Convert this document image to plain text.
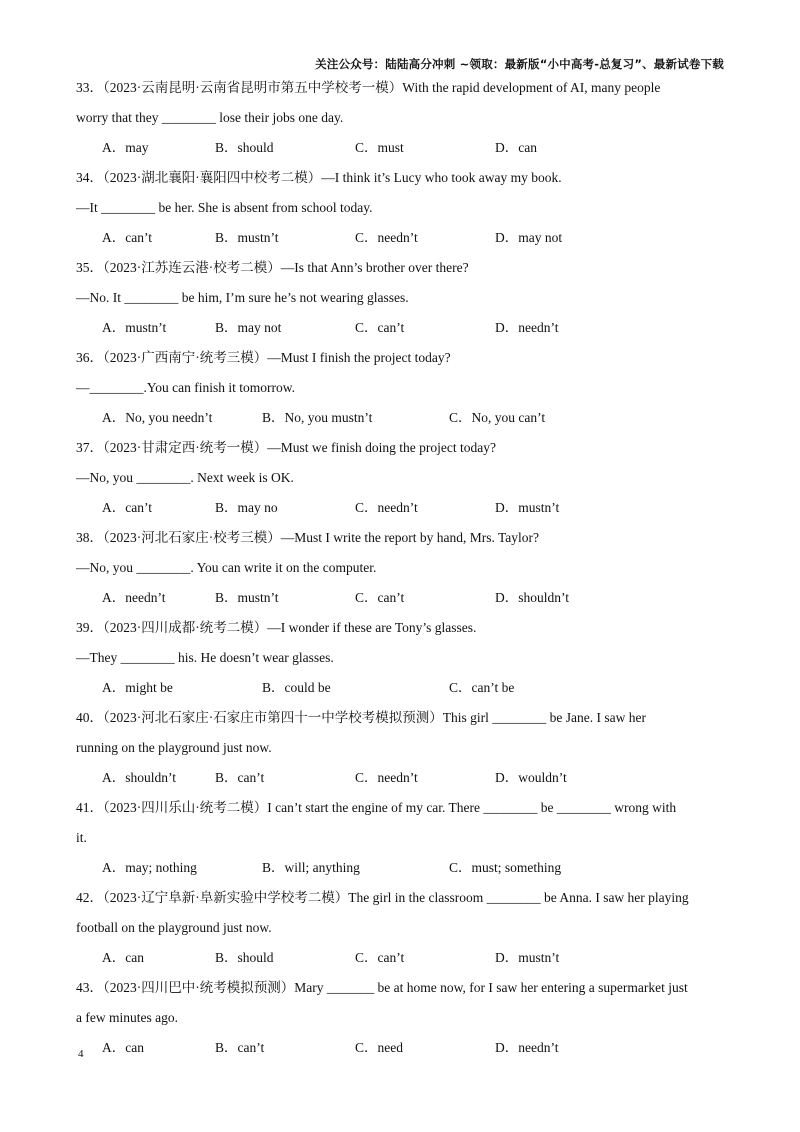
关注公众号：陆陆高分冲刺 ~领取：最新版“小中高考-总复习”、最新试卷下载
33．（2023·云南昆明·云南省昆明市第五中学校考一模）With the rapid development of AI, many people
worry that they ________ lose their jobs one day.
A．may	B．should	C．must	D．can
34．（2023·湖北襄阳·襄阳四中校考二模）—I think it’s Lucy who took away my book.
—It ________ be her. She is absent from school today.
A．can’t	B．mustn’t	C．needn’t	D．may not
35．（2023·江苏连云港·校考二模）—Is that Ann’s brother over there?
—No. It ________ be him, I’m sure he’s not wearing glasses.
A．mustn’t	B．may not	C．can’t	D．needn’t
36．（2023·广西南宁·统考三模）—Must I finish the project today?
—________.You can finish it tomorrow.
A．No, you needn’t	B．No, you mustn’t	C．No, you can’t
37．（2023·甘肃定西·统考一模）—Must we finish doing the project today?
—No, you ________. Next week is OK.
A．can’t	B．may no	C．needn’t	D．mustn’t
38．（2023·河北石家庄·校考三模）—Must I write the report by hand, Mrs. Taylor?
—No, you ________. You can write it on the computer.
A．needn’t	B．mustn’t	C．can’t	D．shouldn’t
39．（2023·四川成都·统考二模）—I wonder if these are Tony’s glasses.
—They ________ his. He doesn’t wear glasses.
A．might be	B．could be	C．can’t be
40．（2023·河北石家庄·石家庄市第四十一中学校考模拟预测）This girl ________ be Jane. I saw her
running on the playground just now.
A．shouldn’t	B．can’t	C．needn’t	D．wouldn’t
41．（2023·四川乐山·统考二模）I can’t start the engine of my car. There ________ be ________ wrong with
it.
A．may; nothing	B．will; anything	C．must; something
42．（2023·辽宁阜新·阜新实验中学校考二模）The girl in the classroom ________ be Anna. I saw her playing
football on the playground just now.
A．can	B．should	C．can’t	D．mustn’t
43．（2023·四川巴中·统考模拟预测）Mary _______ be at home now, for I saw her entering a supermarket just
a few minutes ago.
A．can	B．can’t	C．need	D．needn’t
4
